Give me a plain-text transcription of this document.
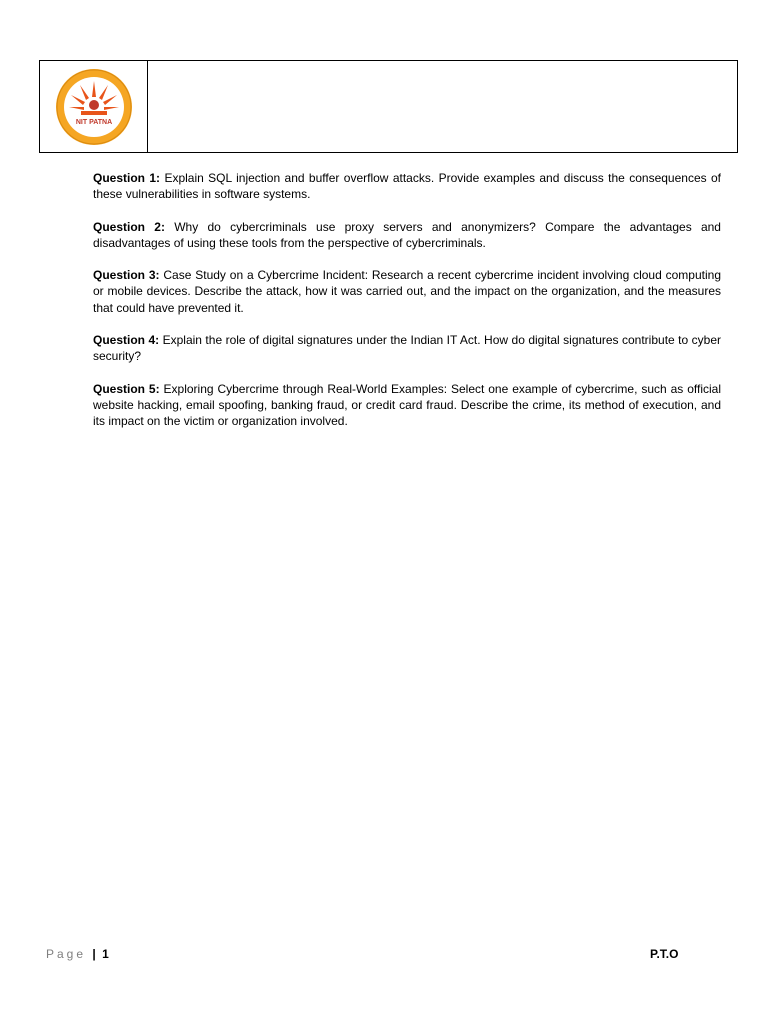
NIT PATNA

Question 1: Explain SQL injection and buffer overflow attacks. Provide examples and discuss the consequences of these vulnerabilities in software systems.

Question 2: Why do cybercriminals use proxy servers and anonymizers? Compare the advantages and disadvantages of using these tools from the perspective of cybercriminals.

Question 3: Case Study on a Cybercrime Incident: Research a recent cybercrime incident involving cloud computing or mobile devices. Describe the attack, how it was carried out, and the impact on the organization, and the measures that could have prevented it.

Question 4: Explain the role of digital signatures under the Indian IT Act. How do digital signatures contribute to cyber security?

Question 5: Exploring Cybercrime through Real-World Examples: Select one example of cybercrime, such as official website hacking, email spoofing, banking fraud, or credit card fraud. Describe the crime, its method of execution, and its impact on the victim or organization involved.

Page | 1	P.T.O
